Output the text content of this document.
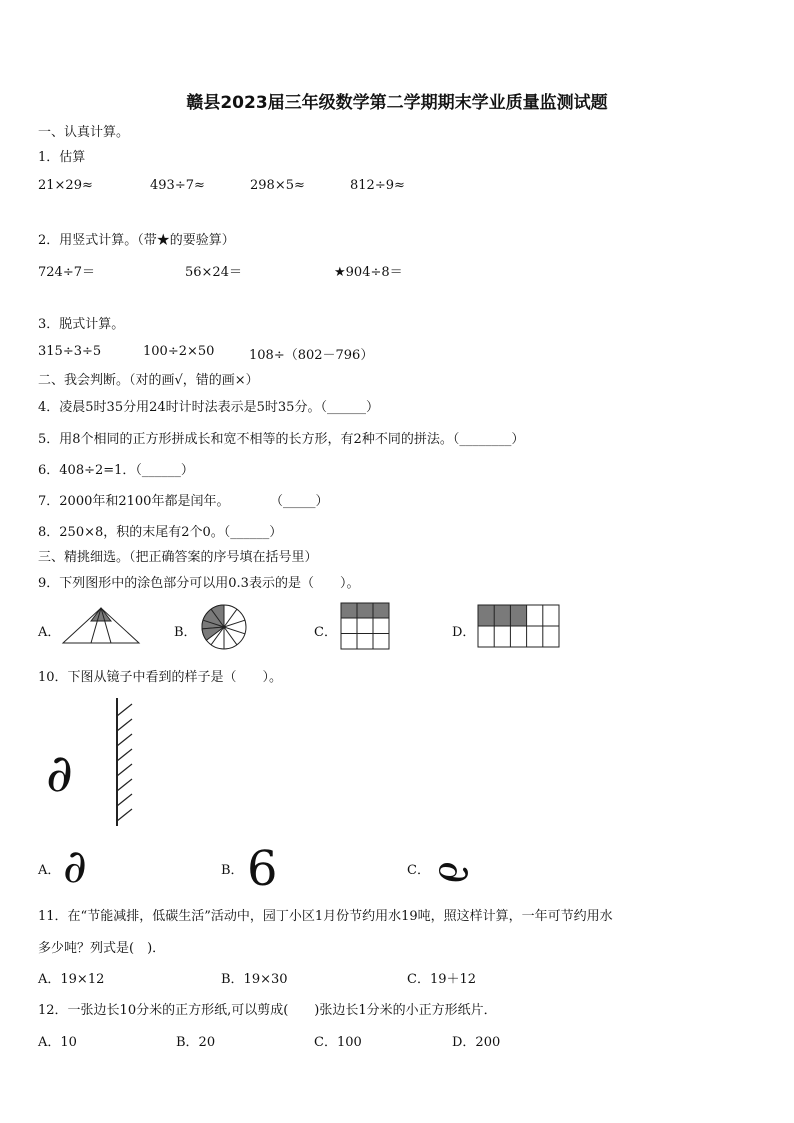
赣县2023届三年级数学第二学期期末学业质量监测试题
一、认真计算。
1．估算
21×29≈	493÷7≈	298×5≈	812÷9≈
2．用竖式计算。（带★的要验算）
724÷7＝	56×24＝	★904÷8＝
3．脱式计算。
315÷3÷5	100÷2×50	108÷（802－796）
二、我会判断。（对的画√，错的画×）
4．凌晨5时35分用24时计时法表示是5时35分。（______）
5．用8个相同的正方形拼成长和宽不相等的长方形，有2种不同的拼法。（________）
6．408÷2=1．（______）
7．2000年和2100年都是闰年。	（_____）
8．250×8，积的末尾有2个0。（______）
三、精挑细选。（把正确答案的序号填在括号里）
9．下列图形中的涂色部分可以用0.3表示的是（　　）。
A．	B．	C．	D．
10．下图从镜子中看到的样子是（　　）。
∂
A． ∂	B． 6	C．
∂
11．在“节能减排，低碳生活”活动中，园丁小区1月份节约用水19吨，照这样计算，一年可节约用水
多少吨？列式是(　)．
A．19×12	B．19×30	C．19＋12
12．一张边长10分米的正方形纸,可以剪成(　　)张边长1分米的小正方形纸片．
A．10	B．20	C．100	D．200
